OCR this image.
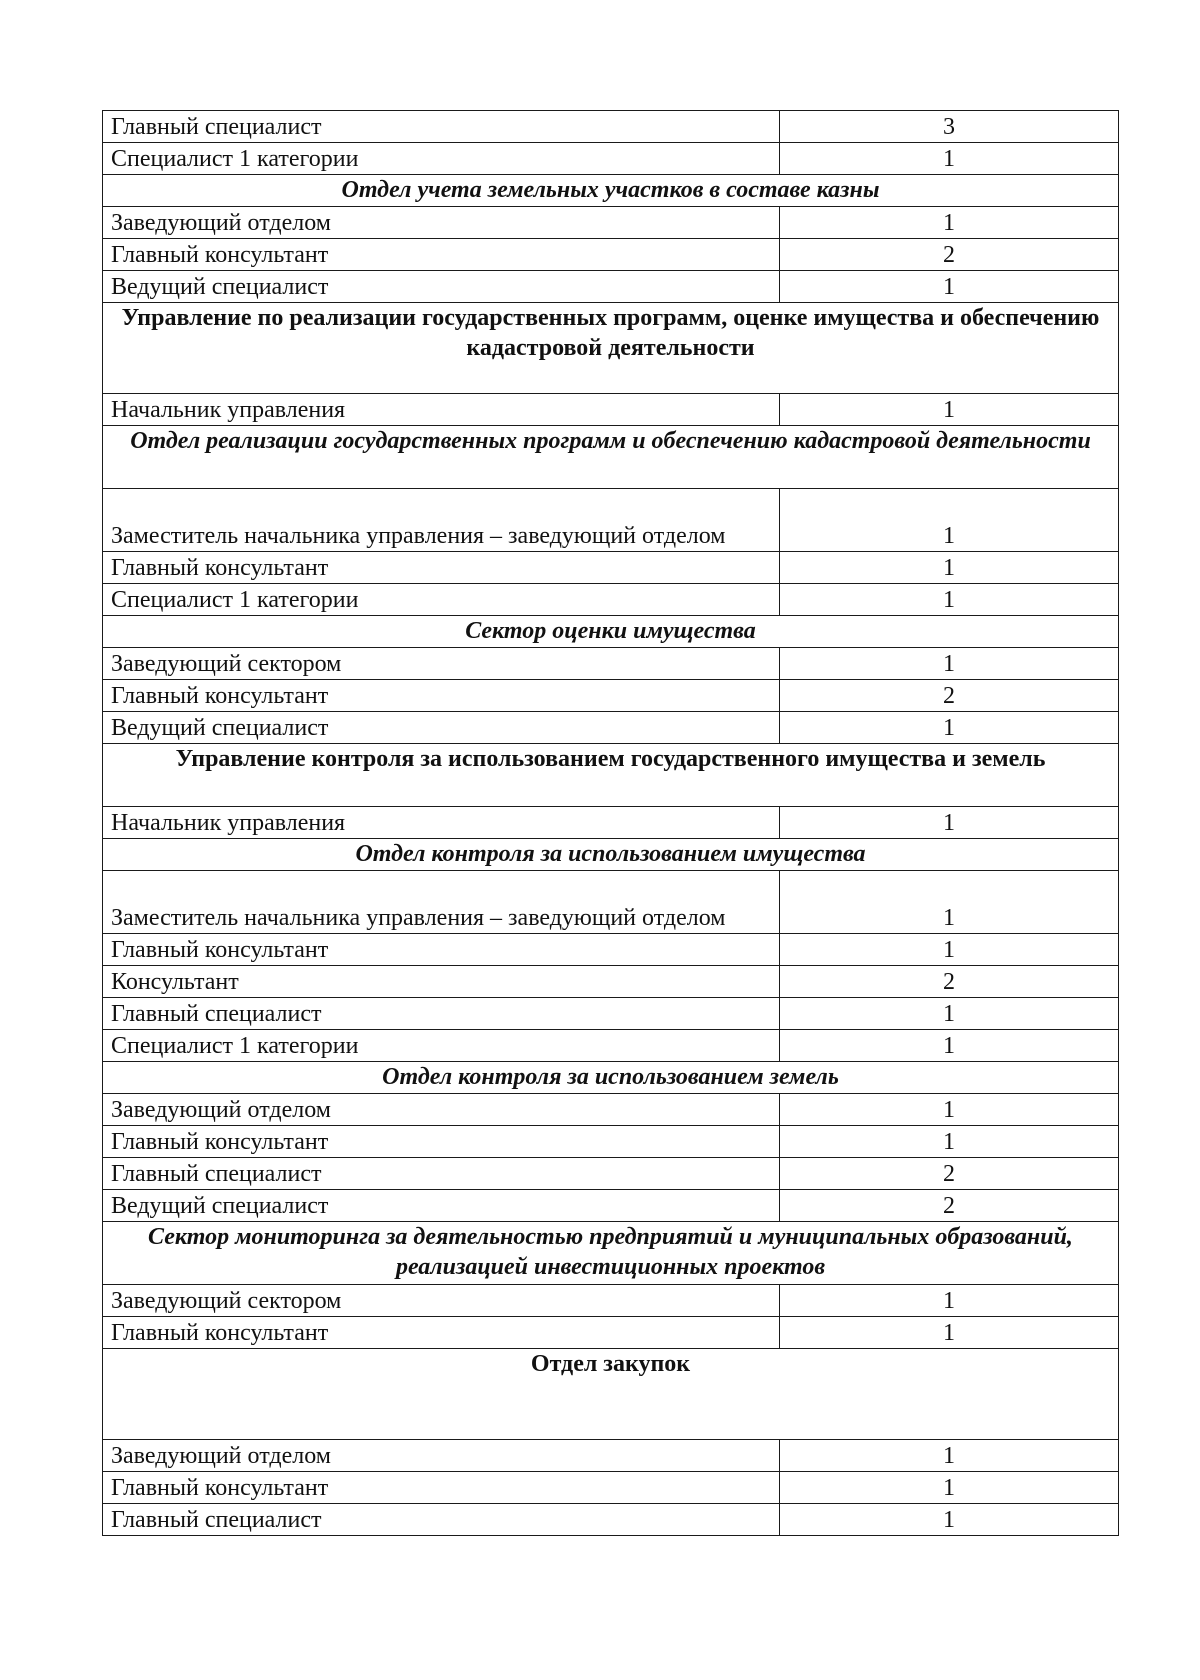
Главный специалист	3
Специалист 1 категории	1
Отдел учета земельных участков в составе казны	
Заведующий отделом	1
Главный консультант	2
Ведущий специалист	1
Управление по реализации государственных программ, оценке имущества и обеспечению кадастровой деятельности	
Начальник управления	1
Отдел реализации государственных программ и обеспечению кадастровой деятельности	
Заместитель начальника управления – заведующий отделом	1
Главный консультант	1
Специалист 1 категории	1
Сектор оценки имущества	
Заведующий сектором	1
Главный консультант	2
Ведущий специалист	1
Управление контроля за использованием государственного имущества и земель	
Начальник управления	1
Отдел контроля за использованием имущества	
Заместитель начальника управления – заведующий отделом	1
Главный консультант	1
Консультант	2
Главный специалист	1
Специалист 1 категории	1
Отдел контроля за использованием земель	
Заведующий отделом	1
Главный консультант	1
Главный специалист	2
Ведущий специалист	2
Сектор мониторинга за деятельностью предприятий и муниципальных образований, реализацией инвестиционных проектов	
Заведующий сектором	1
Главный консультант	1
Отдел закупок	
Заведующий отделом	1
Главный консультант	1
Главный специалист	1
